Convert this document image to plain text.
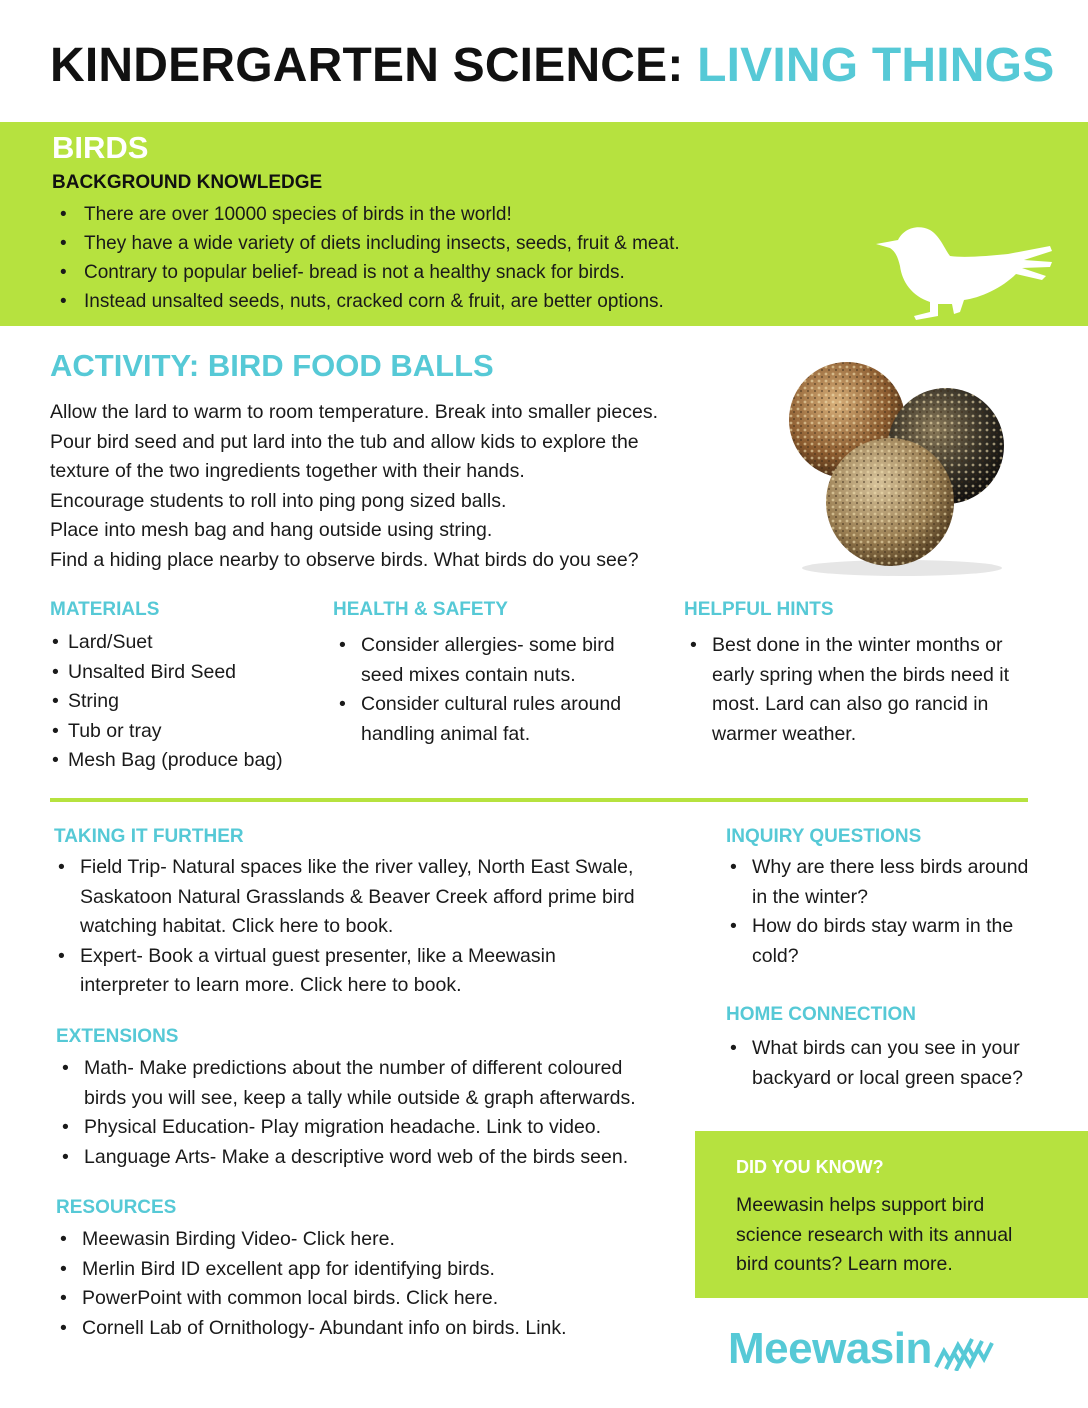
KINDERGARTEN SCIENCE: LIVING THINGS
BIRDS
BACKGROUND KNOWLEDGE
• There are over 10000 species of birds in the world!
• They have a wide variety of diets including insects, seeds, fruit & meat.
• Contrary to popular belief- bread is not a healthy snack for birds.
• Instead unsalted seeds, nuts, cracked corn & fruit, are better options.
ACTIVITY: BIRD FOOD BALLS
Allow the lard to warm to room temperature. Break into smaller pieces.
Pour bird seed and put lard into the tub and allow kids to explore the
texture of the two ingredients together with their hands.
Encourage students to roll into ping pong sized balls.
Place into mesh bag and hang outside using string.
Find a hiding place nearby to observe birds. What birds do you see?
MATERIALS
• Lard/Suet
• Unsalted Bird Seed
• String
• Tub or tray
• Mesh Bag (produce bag)
HEALTH & SAFETY
• Consider allergies- some bird seed mixes contain nuts.
• Consider cultural rules around handling animal fat.
HELPFUL HINTS
• Best done in the winter months or early spring when the birds need it most. Lard can also go rancid in warmer weather.
TAKING IT FURTHER
• Field Trip- Natural spaces like the river valley, North East Swale,
Saskatoon Natural Grasslands & Beaver Creek afford prime bird
watching habitat. Click here to book.
• Expert- Book a virtual guest presenter, like a Meewasin
interpreter to learn more. Click here to book.
EXTENSIONS
• Math- Make predictions about the number of different coloured
birds you will see, keep a tally while outside & graph afterwards.
• Physical Education- Play migration headache. Link to video.
• Language Arts- Make a descriptive word web of the birds seen.
RESOURCES
• Meewasin Birding Video- Click here.
• Merlin Bird ID excellent app for identifying birds.
• PowerPoint with common local birds. Click here.
• Cornell Lab of Ornithology- Abundant info on birds. Link.
INQUIRY QUESTIONS
• Why are there less birds around
in the winter?
• How do birds stay warm in the
cold?
HOME CONNECTION
• What birds can you see in your
backyard or local green space?
DID YOU KNOW?
Meewasin helps support bird
science research with its annual
bird counts? Learn more.
Meewasin
